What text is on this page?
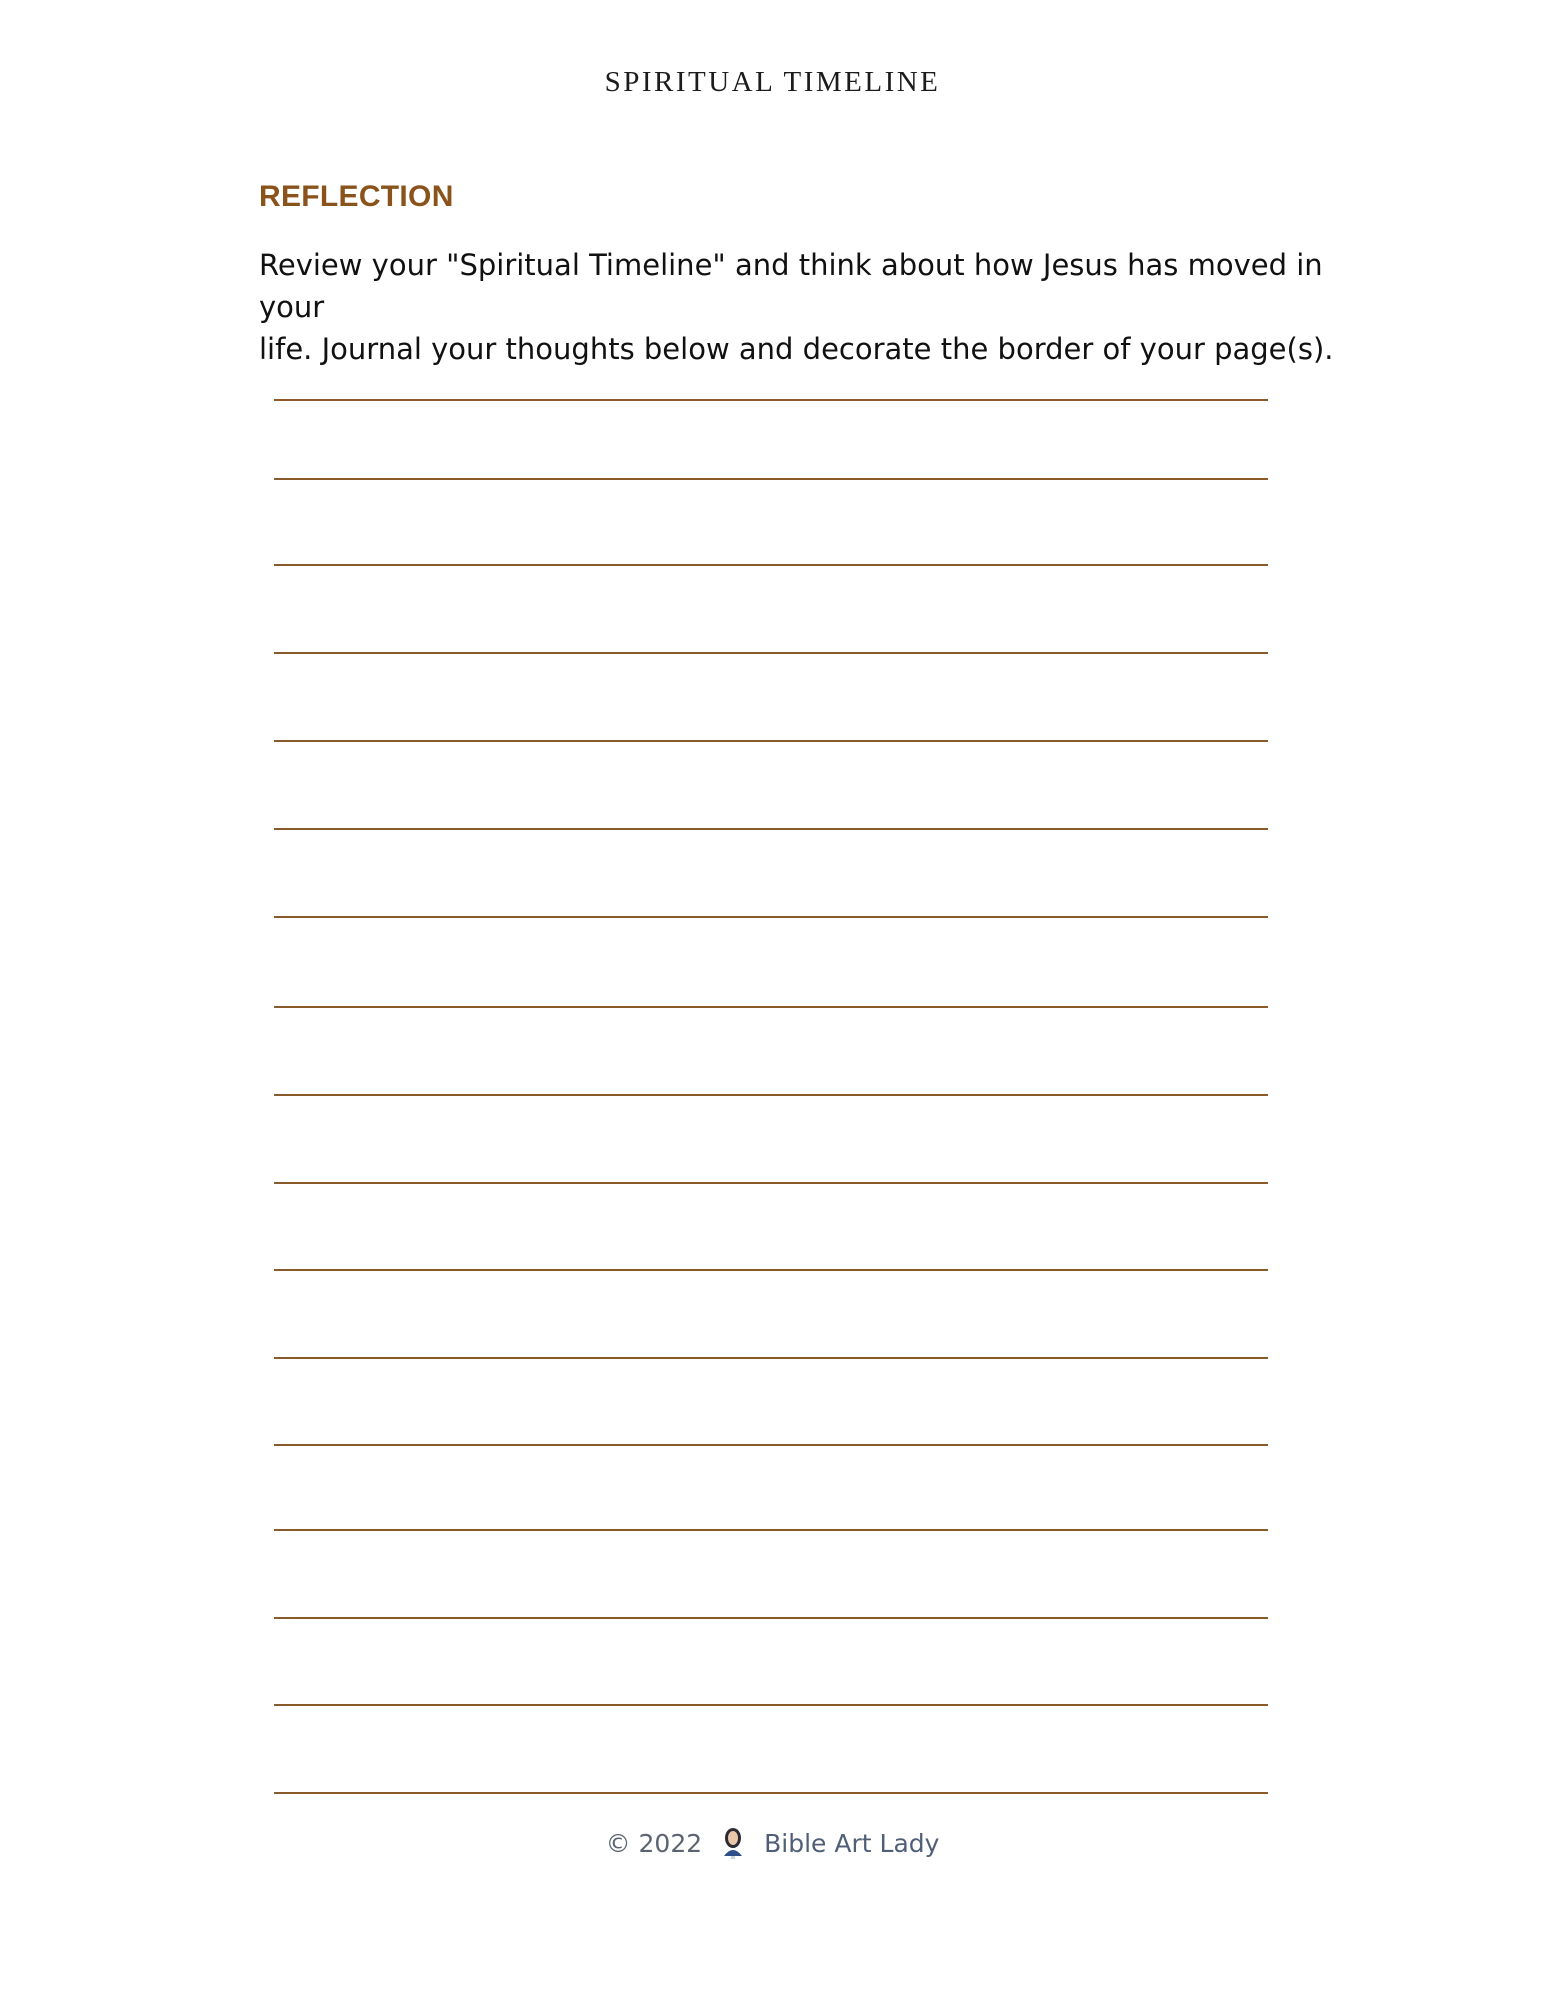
SPIRITUAL TIMELINE
REFLECTION
Review your "Spiritual Timeline" and think about how Jesus has moved in your
life. Journal your thoughts below and decorate the border of your page(s).
© 2022 Bible Art Lady
